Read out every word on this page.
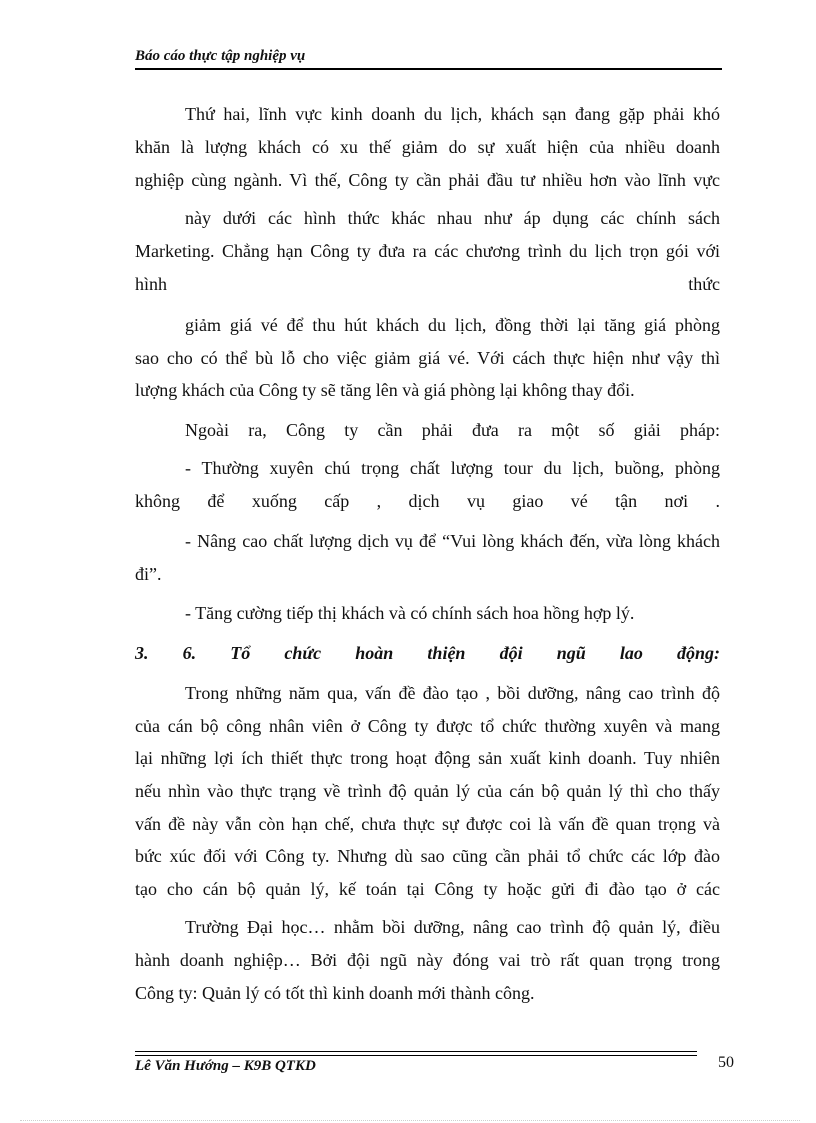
Báo cáo thực tập nghiệp vụ
Thứ hai, lĩnh vực kinh doanh du lịch, khách sạn đang gặp phải khó
khăn là lượng khách có xu thế giảm do sự xuất hiện của nhiều doanh
nghiệp cùng ngành. Vì thế, Công ty cần phải đầu tư nhiều hơn vào lĩnh vực
này dưới các hình thức khác nhau như áp dụng các chính sách
Marketing. Chẳng hạn Công ty đưa ra các chương trình du lịch trọn gói với
hình thức
giảm giá vé để thu hút khách du lịch, đồng thời lại tăng giá phòng
sao cho có thể bù lỗ cho việc giảm giá vé. Với cách thực hiện như vậy thì
lượng khách của Công ty sẽ tăng lên và giá phòng lại không thay đổi.
Ngoài ra, Công ty cần phải đưa ra một số giải pháp:
- Thường xuyên chú trọng chất lượng tour du lịch, buồng, phòng
không để xuống cấp , dịch vụ giao vé tận nơi .
- Nâng cao chất lượng dịch vụ để “Vui lòng khách đến, vừa lòng khách
đi”.
- Tăng cường tiếp thị khách và có chính sách hoa hồng hợp lý.
3. 6. Tổ chức hoàn thiện đội ngũ lao động:
Trong những năm qua, vấn đề đào tạo , bồi dưỡng, nâng cao trình độ
của cán bộ công nhân viên ở Công ty được tổ chức thường xuyên và mang
lại những lợi ích thiết thực trong hoạt động sản xuất kinh doanh. Tuy nhiên
nếu nhìn vào thực trạng về trình độ quản lý của cán bộ quản lý thì cho thấy
vấn đề này vẫn còn hạn chế, chưa thực sự được coi là vấn đề quan trọng và
bức xúc đối với Công ty. Nhưng dù sao cũng cần phải tổ chức các lớp đào
tạo cho cán bộ quản lý, kế toán tại Công ty hoặc gửi đi đào tạo ở các
Trường Đại học… nhằm bồi dưỡng, nâng cao trình độ quản lý, điều
hành doanh nghiệp… Bởi đội ngũ này đóng vai trò rất quan trọng trong
Công ty: Quản lý có tốt thì kinh doanh mới thành công.
Lê Văn Hướng – K9B QTKD	50
